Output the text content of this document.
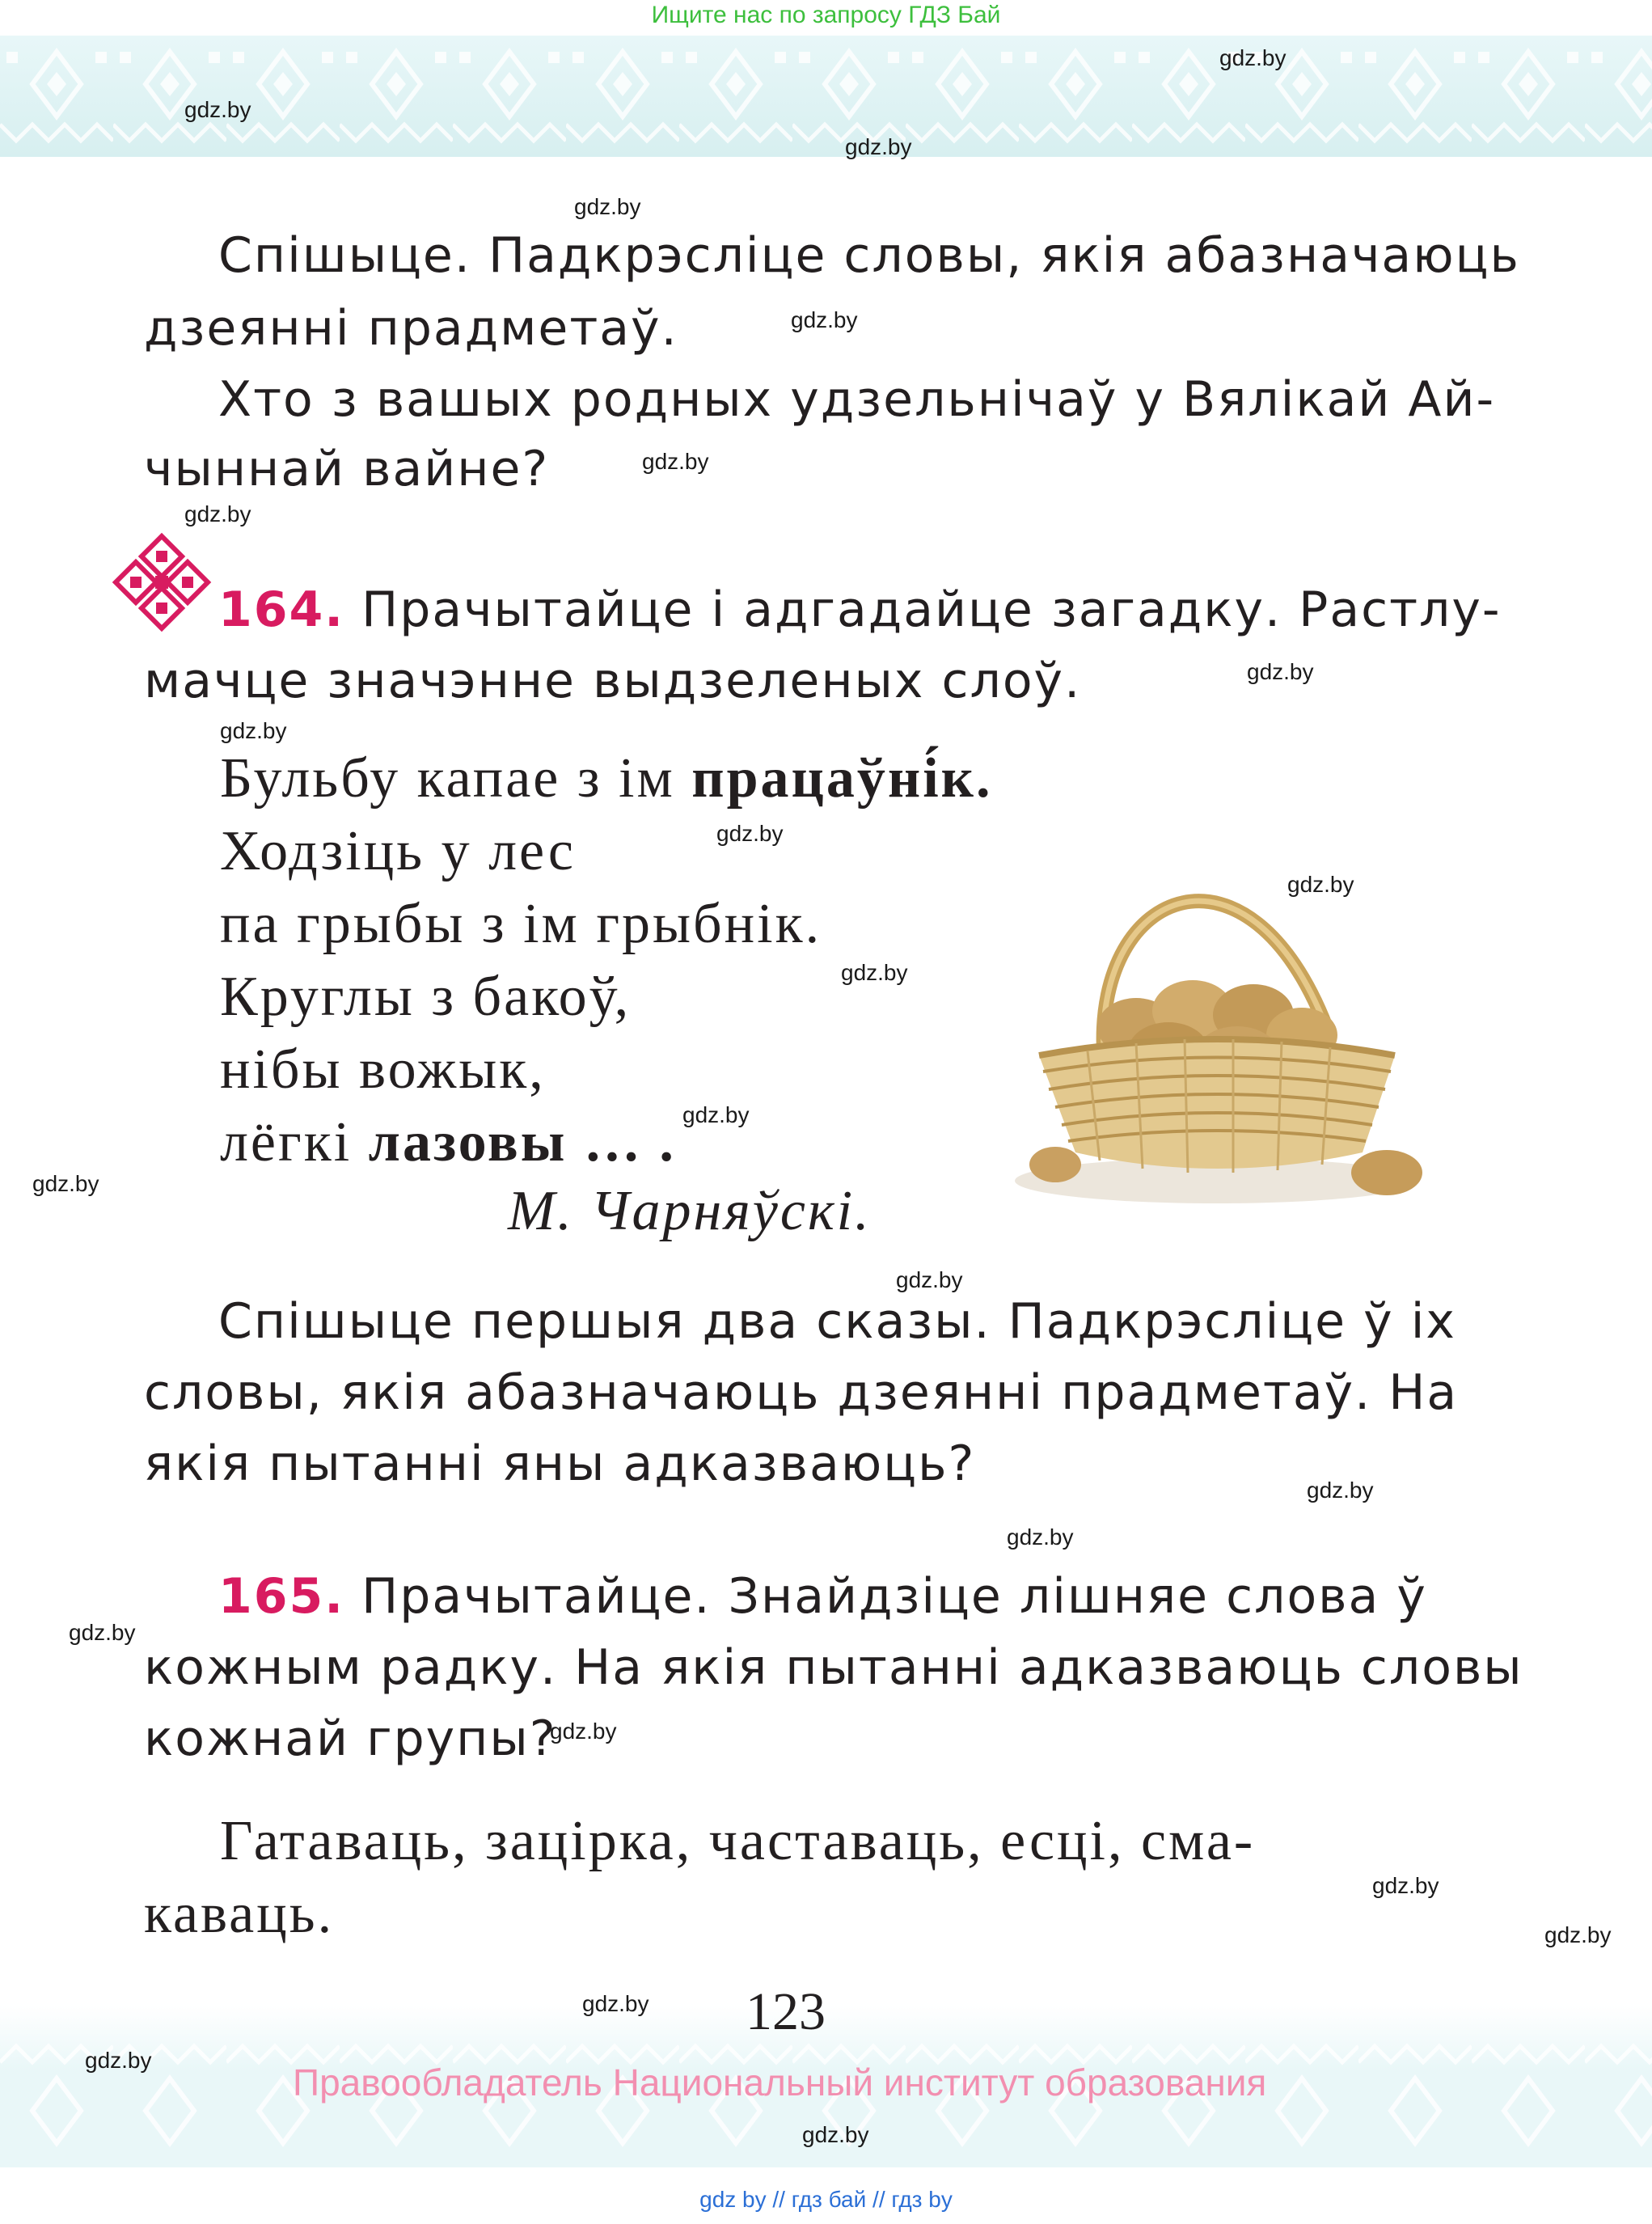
Ищите нас по запросу ГДЗ Бай
gdz.by
gdz.by
gdz.by
gdz.by
gdz.by
gdz.by
gdz.by
gdz.by
gdz.by
gdz.by
gdz.by
gdz.by
gdz.by
gdz.by
gdz.by
gdz.by
gdz.by
gdz.by
gdz.by
gdz.by
gdz.by
gdz.by
gdz.by
gdz.by
Спішыце. Падкрэсліце словы, якія абазначаюць
дзеянні прадметаў.
Хто з вашых родных удзельнічаў у Вялікай Ай-
чыннай вайне?
164. Прачытайце і адгадайце загадку. Растлу-
мачце значэнне выдзеленых слоў.
Бульбу капае з ім працаўні́к.
Ходзіць у лес
па грыбы з ім грыбнік.
Круглы з бакоў,
нібы вожык,
лёгкі лазовы … .
М. Чарняўскі.
Спішыце першыя два сказы. Падкрэсліце ў іх
словы, якія абазначаюць дзеянні прадметаў. На
якія пытанні яны адказваюць?
165. Прачытайце. Знайдзіце лішняе слова ў
кожным радку. На якія пытанні адказваюць словы
кожнай групы?
Гатаваць, зацірка, частаваць, есці, сма-
каваць.
123
Правообладатель Национальный институт образования
gdz by // гдз бай // гдз by
